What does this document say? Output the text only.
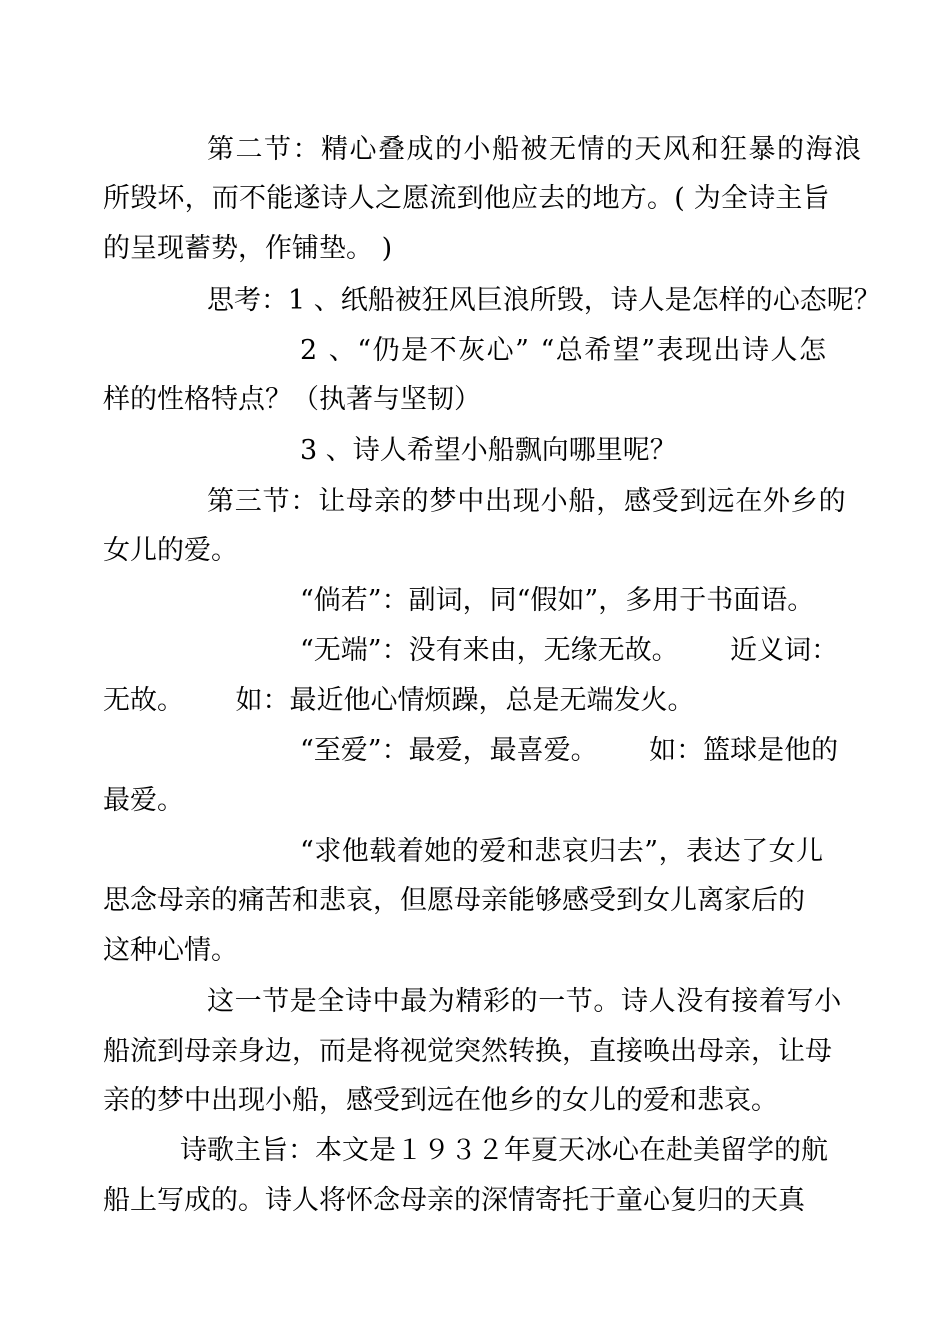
第二节：精心叠成的小船被无情的天风和狂暴的海浪
所毁坏，而不能遂诗人之愿流到他应去的地方。( 为全诗主旨
的呈现蓄势，作铺垫。 )
思考：1 、纸船被狂风巨浪所毁，诗人是怎样的心态呢？
2 、“仍是不灰心” “总希望”表现出诗人怎
样的性格特点？（执著与坚韧）
3 、诗人希望小船飘向哪里呢？
第三节：让母亲的梦中出现小船，感受到远在外乡的
女儿的爱。
“倘若”：副词，同“假如”，多用于书面语。
“无端”：没有来由，无缘无故。      近义词：
无故。      如：最近他心情烦躁，总是无端发火。
“至爱”：最爱，最喜爱。      如：篮球是他的
最爱。
“求他载着她的爱和悲哀归去”，表达了女儿
思念母亲的痛苦和悲哀，但愿母亲能够感受到女儿离家后的
这种心情。
这一节是全诗中最为精彩的一节。诗人没有接着写小
船流到母亲身边，而是将视觉突然转换，直接唤出母亲，让母
亲的梦中出现小船，感受到远在他乡的女儿的爱和悲哀。
诗歌主旨：本文是１９３２年夏天冰心在赴美留学的航
船上写成的。诗人将怀念母亲的深情寄托于童心复归的天真
